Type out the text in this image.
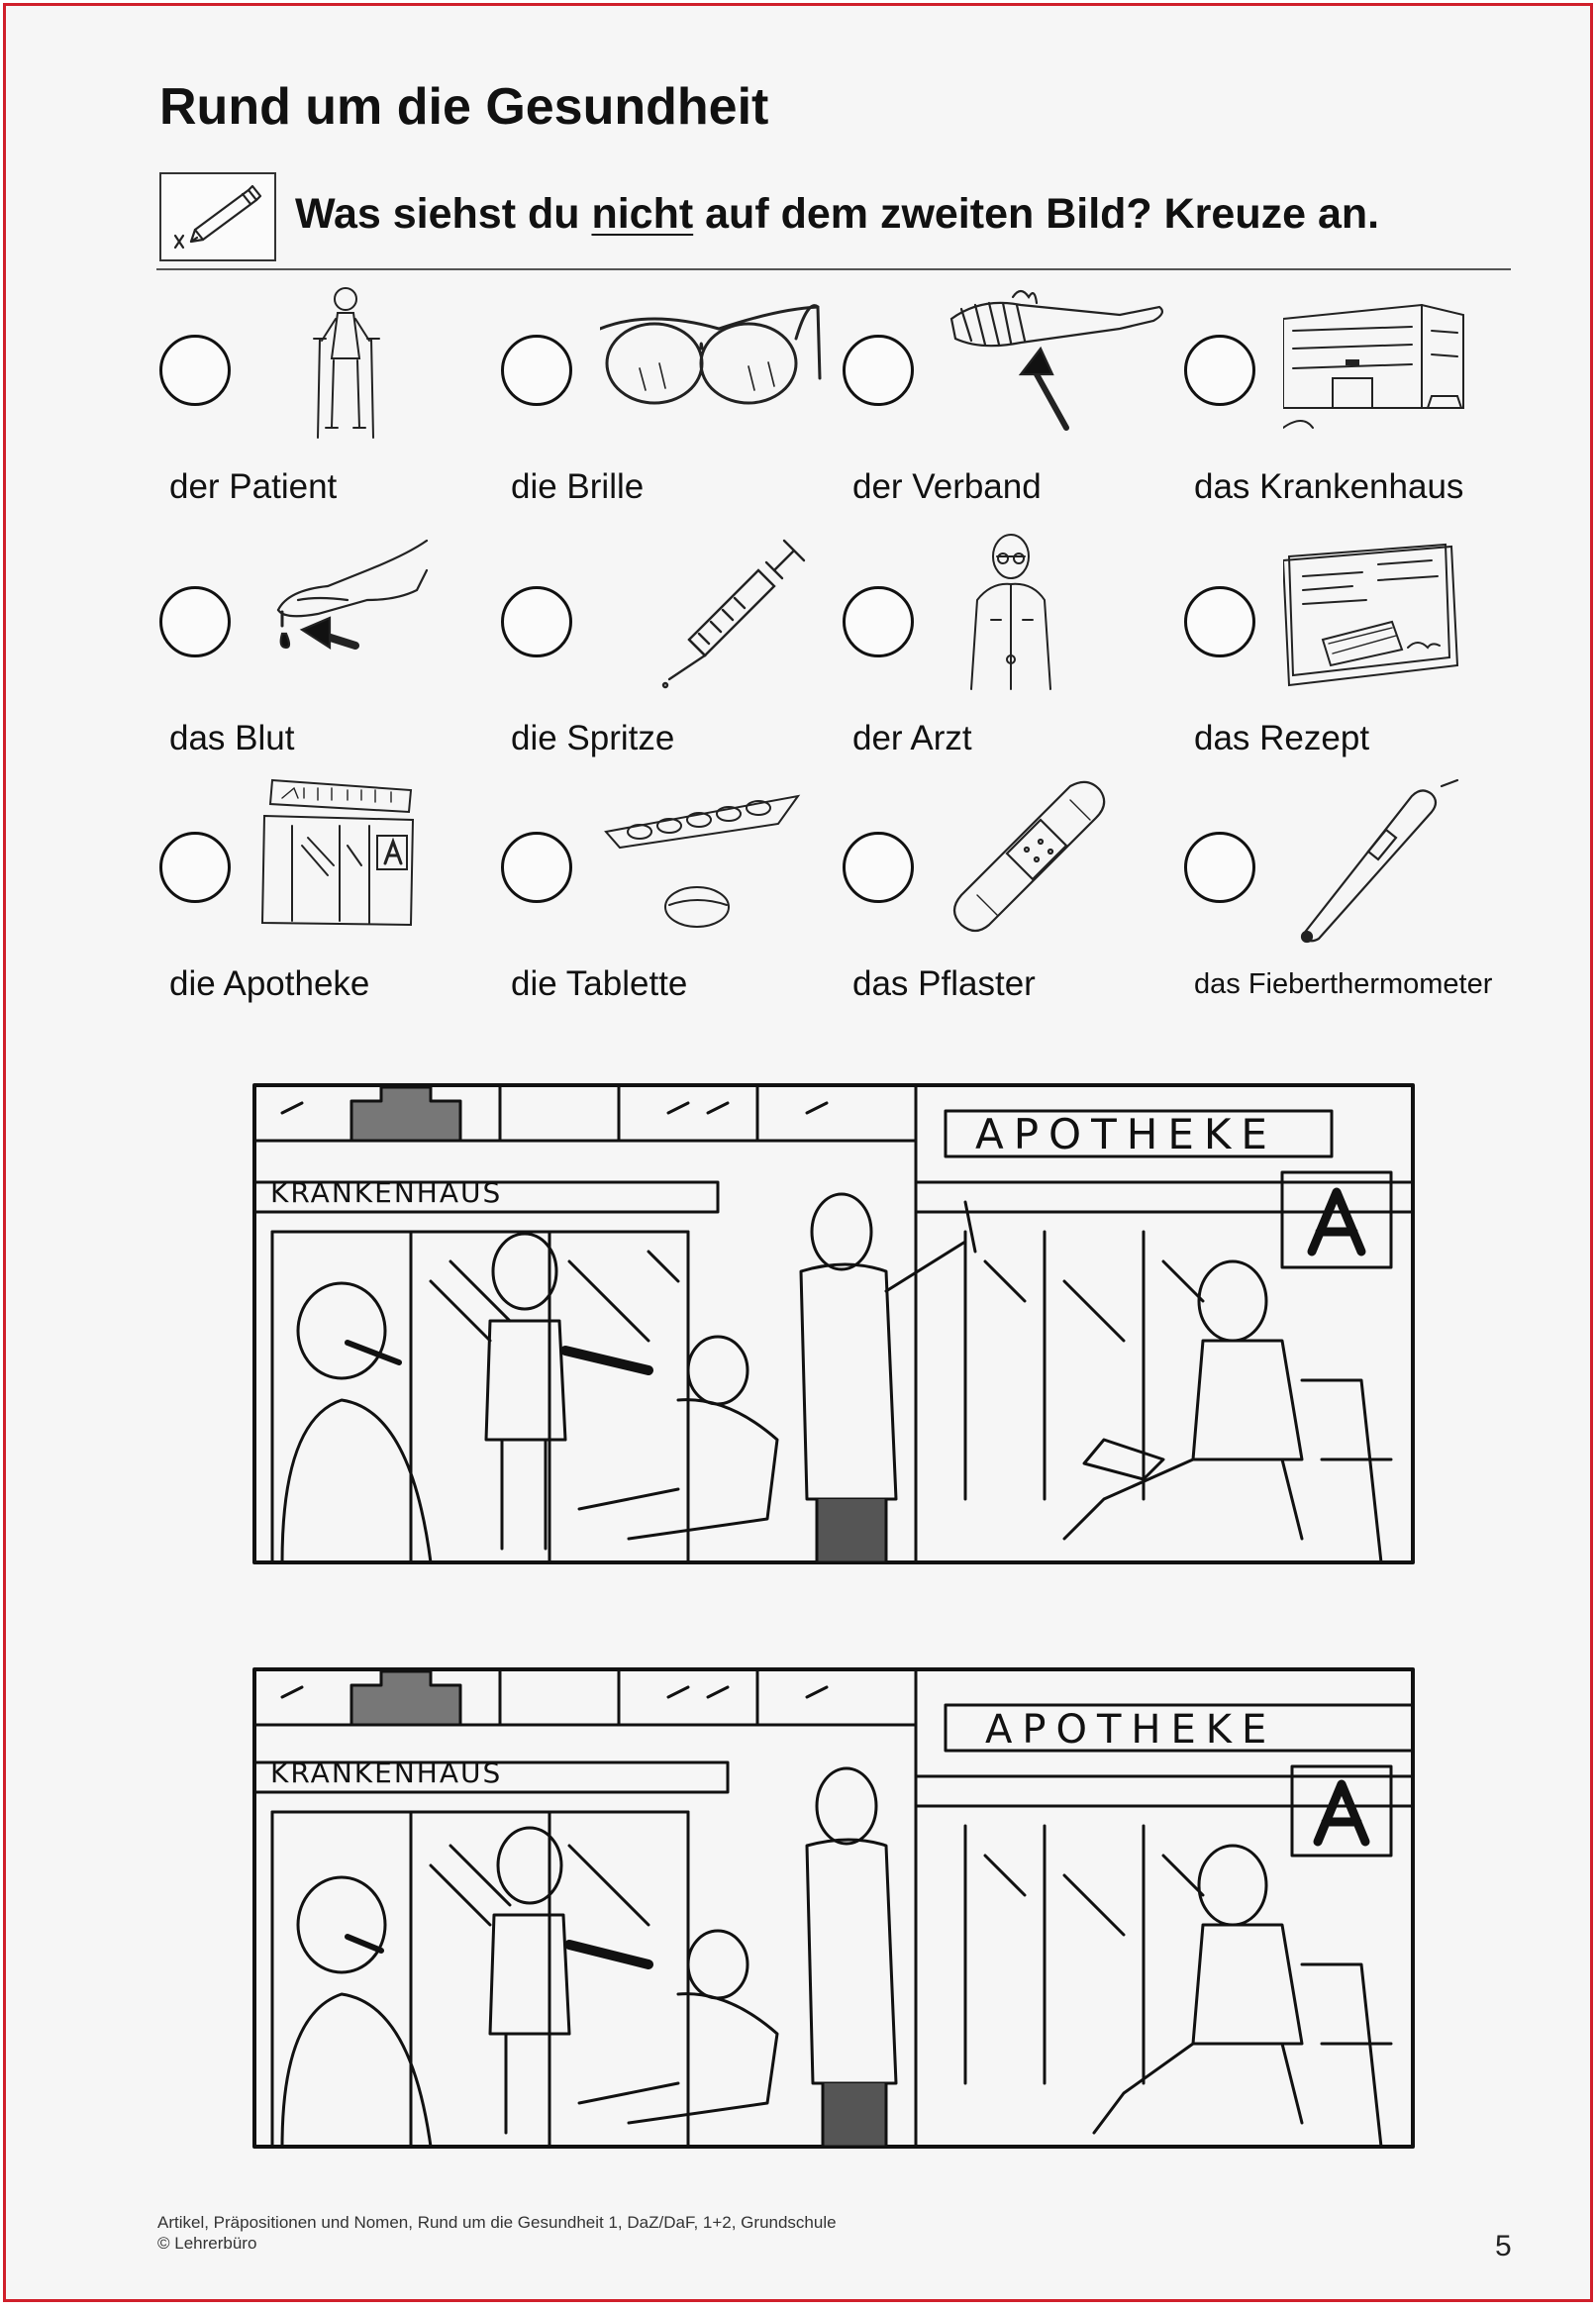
Rund um die Gesundheit
Was siehst du nicht auf dem zweiten Bild? Kreuze an.
der Patient	die Brille	der Verband	das Krankenhaus
das Blut	die Spritze	der Arzt	das Rezept
die Apotheke	die Tablette	das Pflaster	das Fieberthermometer
KRANKENHAUS
APOTHEKE
KRANKENHAUS
APOTHEKE
Artikel, Präpositionen und Nomen, Rund um die Gesundheit 1, DaZ/DaF, 1+2, Grundschule
© Lehrerbüro	5
